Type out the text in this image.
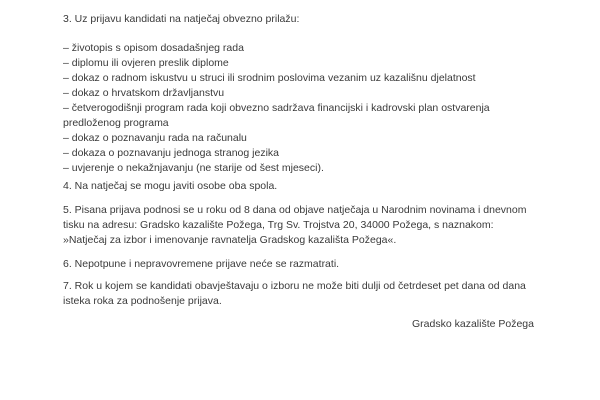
3. Uz prijavu kandidati na natječaj obvezno prilažu:

– životopis s opisom dosadašnjeg rada
– diplomu ili ovjeren preslik diplome
– dokaz o radnom iskustvu u struci ili srodnim poslovima vezanim uz kazališnu djelatnost
– dokaz o hrvatskom državljanstvu
– četverogodišnji program rada koji obvezno sadržava financijski i kadrovski plan ostvarenja predloženog programa
– dokaz o poznavanju rada na računalu
– dokaza o poznavanju jednoga stranog jezika
– uvjerenje o nekažnjavanju (ne starije od šest mjeseci).

4. Na natječaj se mogu javiti osobe oba spola.

5. Pisana prijava podnosi se u roku od 8 dana od objave natječaja u Narodnim novinama i dnevnom tisku na adresu: Gradsko kazalište Požega, Trg Sv. Trojstva 20, 34000 Požega, s naznakom: »Natječaj za izbor i imenovanje ravnatelja Gradskog kazališta Požega«.

6. Nepotpune i nepravovremene prijave neće se razmatrati.

7. Rok u kojem se kandidati obavještavaju o izboru ne može biti dulji od četrdeset pet dana od dana isteka roka za podnošenje prijava.

Gradsko kazalište Požega
